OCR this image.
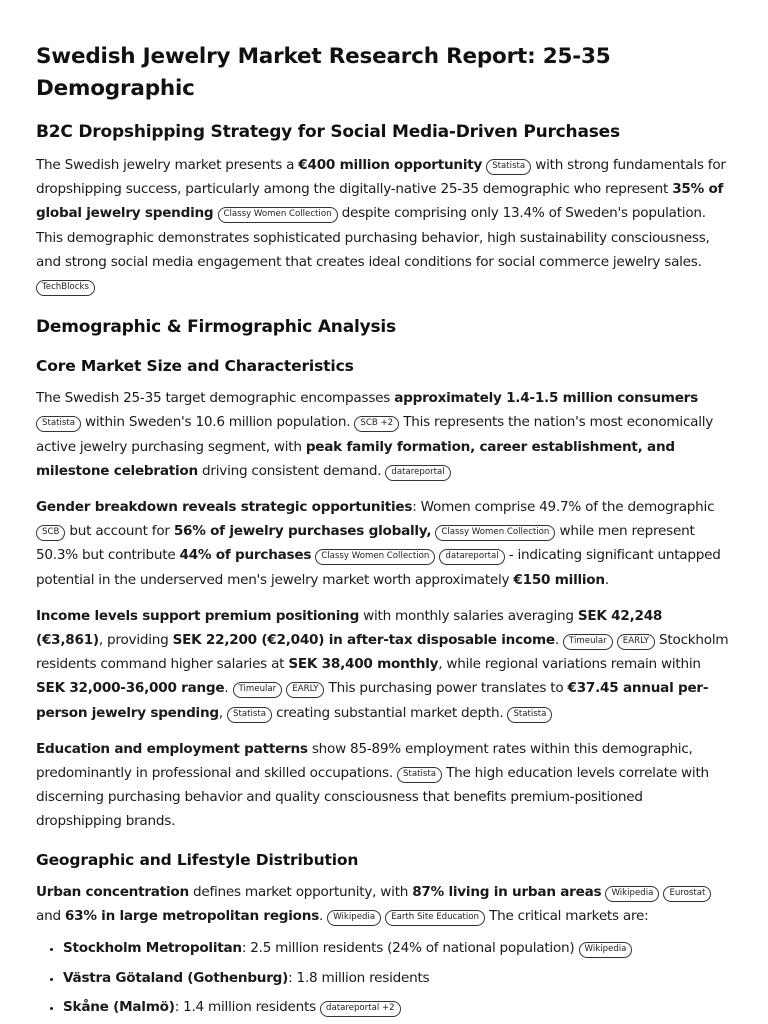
Swedish Jewelry Market Research Report: 25-35 Demographic
B2C Dropshipping Strategy for Social Media-Driven Purchases

The Swedish jewelry market presents a €400 million opportunity Statista with strong fundamentals for dropshipping success, particularly among the digitally-native 25-35 demographic who represent 35% of global jewelry spending Classy Women Collection despite comprising only 13.4% of Sweden's population. This demographic demonstrates sophisticated purchasing behavior, high sustainability consciousness, and strong social media engagement that creates ideal conditions for social commerce jewelry sales. TechBlocks

Demographic & Firmographic Analysis
Core Market Size and Characteristics

The Swedish 25-35 target demographic encompasses approximately 1.4-1.5 million consumers Statista within Sweden's 10.6 million population. SCB +2 This represents the nation's most economically active jewelry purchasing segment, with peak family formation, career establishment, and milestone celebration driving consistent demand. datareportal

Gender breakdown reveals strategic opportunities: Women comprise 49.7% of the demographic SCB but account for 56% of jewelry purchases globally, Classy Women Collection while men represent 50.3% but contribute 44% of purchases Classy Women Collection datareportal - indicating significant untapped potential in the underserved men's jewelry market worth approximately €150 million.

Income levels support premium positioning with monthly salaries averaging SEK 42,248 (€3,861), providing SEK 22,200 (€2,040) in after-tax disposable income. Timeular EARLY Stockholm residents command higher salaries at SEK 38,400 monthly, while regional variations remain within SEK 32,000-36,000 range. Timeular EARLY This purchasing power translates to €37.45 annual per-person jewelry spending, Statista creating substantial market depth. Statista

Education and employment patterns show 85-89% employment rates within this demographic, predominantly in professional and skilled occupations. Statista The high education levels correlate with discerning purchasing behavior and quality consciousness that benefits premium-positioned dropshipping brands.

Geographic and Lifestyle Distribution

Urban concentration defines market opportunity, with 87% living in urban areas Wikipedia Eurostat and 63% in large metropolitan regions. Wikipedia Earth Site Education The critical markets are:

• Stockholm Metropolitan: 2.5 million residents (24% of national population) Wikipedia
• Västra Götaland (Gothenburg): 1.8 million residents
• Skåne (Malmö): 1.4 million residents datareportal +2
